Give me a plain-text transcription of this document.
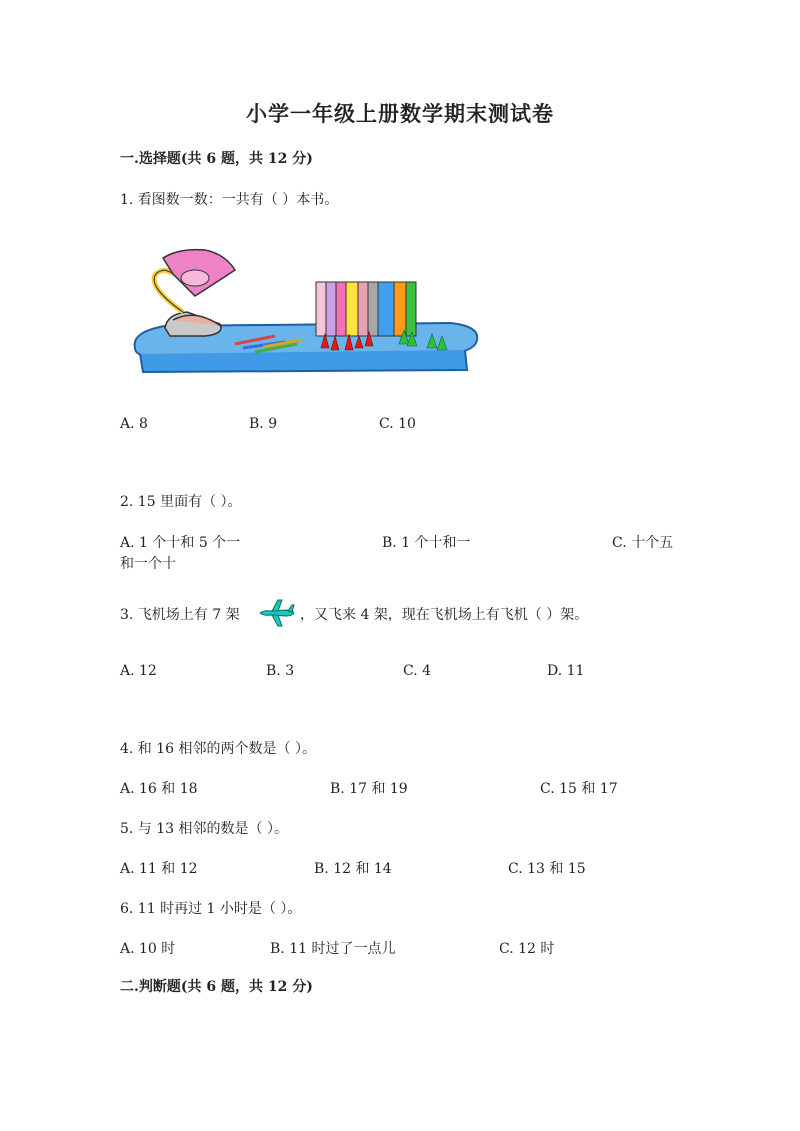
小学一年级上册数学期末测试卷
一.选择题(共 6 题，共 12 分)
1. 看图数一数：一共有（ ）本书。
A. 8	B. 9	C. 10
2. 15 里面有（ ）。
A. 1 个十和 5 个一	B. 1 个十和一	C. 十个五
和一个十
3. 飞机场上有 7 架	，又飞来 4 架，现在飞机场上有飞机（ ）架。
A. 12	B. 3	C. 4	D. 11
4. 和 16 相邻的两个数是（ ）。
A. 16 和 18	B. 17 和 19	C. 15 和 17
5. 与 13 相邻的数是（ ）。
A. 11 和 12	B. 12 和 14	C. 13 和 15
6. 11 时再过 1 小时是（ ）。
A. 10 时	B. 11 时过了一点儿	C. 12 时
二.判断题(共 6 题，共 12 分)
